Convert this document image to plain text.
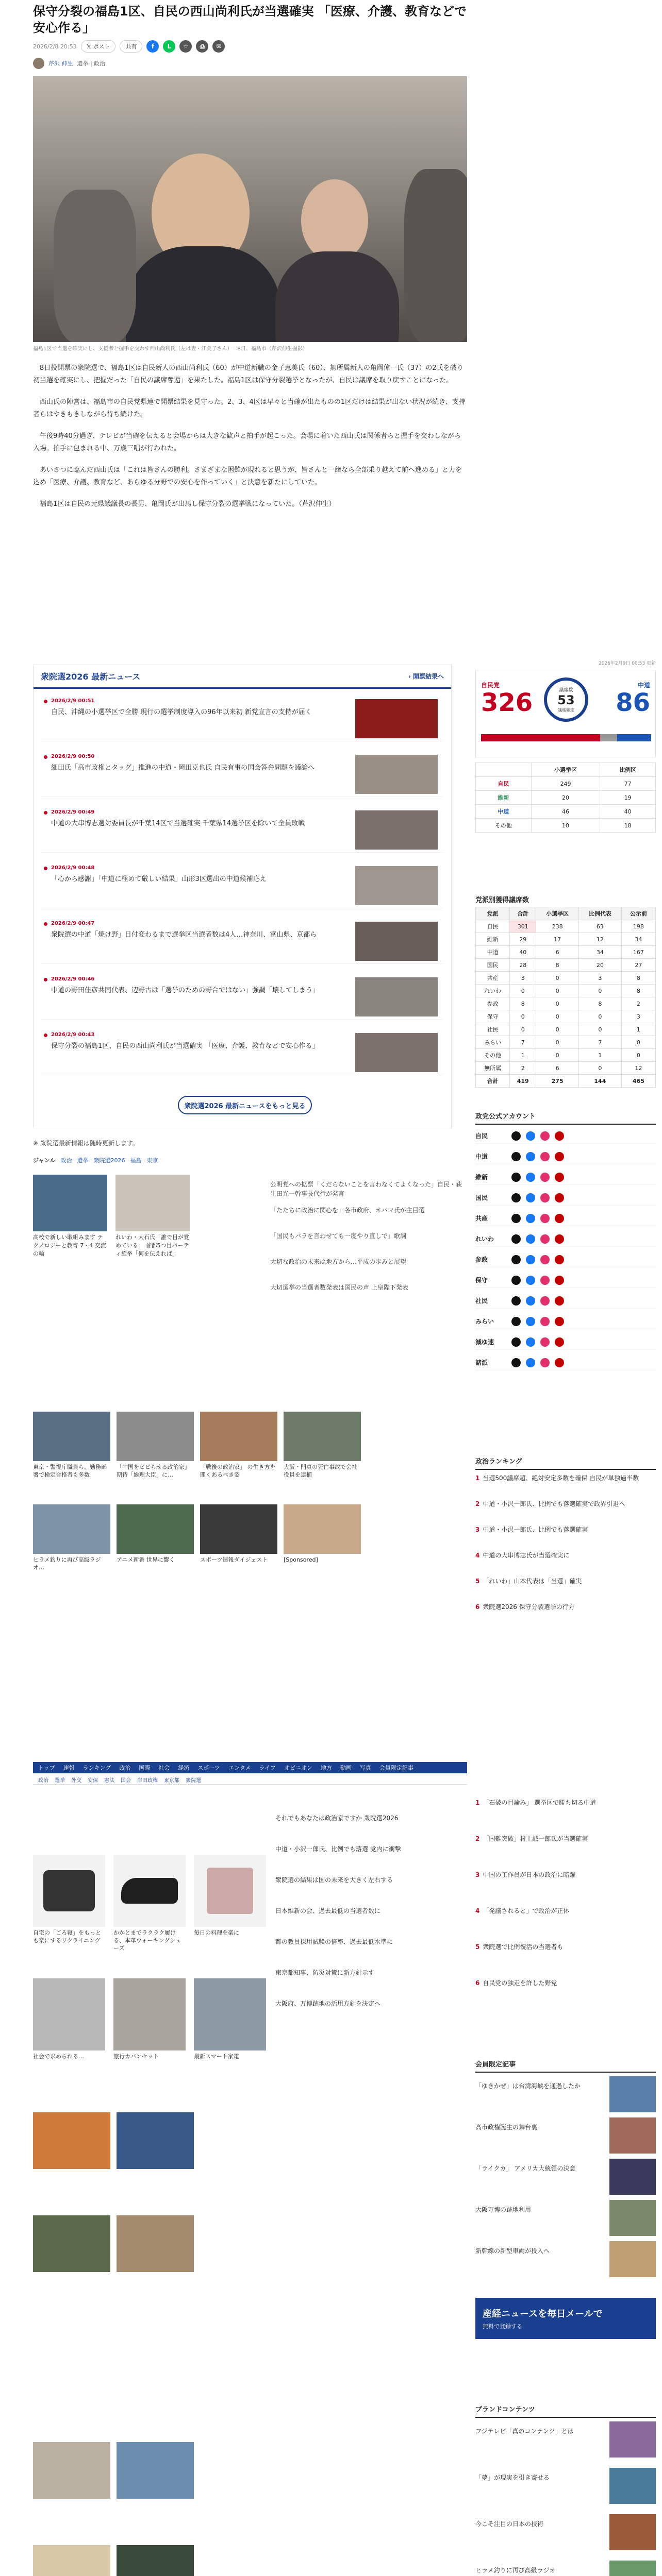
保守分裂の福島1区、自民の西山尚利氏が当選確実 「医療、介護、教育などで安心作る」
2026/2/8 20:53 𝕏 ポスト	共有	f	L	☆	⎙	✉
芹沢 伸生 選挙 | 政治
福島1区で当選を確実にし、支援者と握手を交わす西山尚利氏（左は妻・江美子さん）＝8日、福島市（芹沢伸生撮影）

8日投開票の衆院選で、福島1区は自民新人の西山尚利氏（60）が中道新職の金子恵美氏（60）、無所属新人の亀岡偉一氏（37）の2氏を破り初当選を確実にし、把握だった「自民の議席奪還」を果たした。福島1区は保守分裂選挙となったが、自民は議席を取り戻すことになった。

西山氏の陣営は、福島市の自民党県連で開票結果を見守った。2、3、4区は早々と当確が出たものの1区だけは結果が出ない状況が続き、支持者らはやきもきしながら待ち続けた。

午後9時40分過ぎ、テレビが当確を伝えると会場からは大きな歓声と拍手が起こった。会場に着いた西山氏は関係者らと握手を交わしながら入場。拍手に包まれる中、万歳三唱が行われた。

あいさつに臨んだ西山氏は「これは皆さんの勝利。さまざまな困難が現れると思うが、皆さんと一緒なら全部乗り越えて前へ進める」と力を込め「医療、介護、教育など、あらゆる分野での安心を作っていく」と決意を新たにしていた。

福島1区は自民の元県議議長の長男、亀岡氏が出馬し保守分裂の選挙戦になっていた。（芹沢伸生）

衆院選2026 最新ニュース	› 開票結果へ
2026/2/9 00:51
自民、沖縄の小選挙区で全勝 現行の選挙制度導入の96年以来初 新党宣言の支持が届く
2026/2/9 00:50
細田氏「高市政権とタッグ」推進の中道・岡田克也氏 自民有事の国会答弁問題を議論へ
2026/2/9 00:49
中道の大串博志選対委員長が千葉14区で当選確実 千葉県14選挙区を除いて全員敗戦
2026/2/9 00:48
「心から感謝」「中道に極めて厳しい結果」山形3区選出の中道候補応え
2026/2/9 00:47
衆院選の中道「焼け野」日付変わるまで選挙区当選者数は4人…神奈川、富山県、京都ら
2026/2/9 00:46
中道の野田佳彦共同代表、辺野古は「選挙のための野合ではない」強調「壊してしまう」
2026/2/9 00:43
保守分裂の福島1区、自民の西山尚利氏が当選確実 「医療、介護、教育などで安心作る」
衆院選2026 最新ニュースをもっと見る
※ 衆院選最新情報は随時更新します。
ジャンル 政治 選挙 衆院選2026 福島 東京
高校で新しい取組みます テクノロジーと教育 7・4 交流の輪
れいわ・大石氏「誰で目が覚めている」 首都5つ目パーティ旋挙「何を伝えれば」
公明党への拡票「くだらないことを言わなくてよくなった」自民・萩生田光一幹事長代行が発言
「たたちに政治に関心を」各市政府、オバマ氏が主目選
「国民もバラを言わせても一度やり直しで」歌詞
大切な政治の未来は地方から…平成の歩みと展望
大切選挙の当選者数発表は国民の声 上皇陛下発表
東京・警視庁職員ら、勤務部署で検定合格者も多数
「中国をビビらせる政治家」期待「総理大臣」に…
「戦後の政治家」 の生き方を聞くあるべき姿
大阪・門真の死亡事故で会社役員を逮捕
ヒラメ釣りに再び高級ラジオ…
アニメ新番 世界に響く	スポーツ速報ダイジェスト	[Sponsored]
トップ 速報 ランキング 政治 国際 社会 経済 スポーツ エンタメ ライフ オピニオン 地方 動画 写真 会員限定記事
政治 選挙 外交 安保 憲法 国会 岸田政権 東京都 衆院選
自宅の「ごろ寝」をもっとも楽にするリクライニング
かかとまでラクラク履ける、本革ウォーキングシューズ
毎日の料理を楽に
社会で求められる…	旅行カバンセット	最新スマート家電
それでもあなたは政治家ですか 衆院選2026
中道・小沢一郎氏、比例でも落選 党内に衝撃
衆院選の結果は国の未来を大きく左右する
日本維新の会、過去最低の当選者数に
都の教員採用試験の倍率、過去最低水準に
東京都知事、防災対策に新方針示す
大阪府、万博跡地の活用方針を決定へ
2026年2月9日 00:53 更新
自民党
326	議席数
53
議席確定
中道
86
	小選挙区	比例区
自民	249	77
維新	20	19
中道	46	40
その他	10	18
党派別獲得議席数
党派	合計	小選挙区	比例代表	公示前
自民	301	238	63	198
維新	29	17	12	34
中道	40	6	34	167
国民	28	8	20	27
共産	3	0	3	8
れいわ	0	0	0	8
参政	8	0	8	2
保守	0	0	0	3
社民	0	0	0	1
みらい	7	0	7	0
その他	1	0	1	0
無所属	2	6	0	12
合計	419	275	144	465
政党公式アカウント
自民
中道
維新
国民
共産
れいわ
参政
保守
社民
みらい
減ゆ速
諸派
政治ランキング
1 当選500議席超、絶対安定多数を確保 自民が単独過半数
2 中道・小沢一郎氏、比例でも落選確実で政界引退へ
3 中道・小沢一郎氏、比例でも落選確実
4 中道の大串博志氏が当選確実に
5 「れいわ」山本代表は「当選」確実
6 衆院選2026 保守分裂選挙の行方
1 「石破の目論み」 選挙区で勝ち切る中道
2 「国難突破」村上誠一郎氏が当選確実
3 中国の工作員が日本の政治に暗躍
4 「発議されると」で政治が正体
5 衆院選で比例復活の当選者も
6 自民党の独走を許した野党
会員限定記事
「ゆきかぜ」は台湾海峡を通過したか
高市政権誕生の舞台裏
「ライクカ」 アメリカ大統領の決意
大阪万博の跡地利用
新幹線の新型車両が投入へ
産経ニュースを毎日メールで
無料で登録する
ブランドコンテンツ
フジテレビ「真のコンテンツ」とは
「夢」が現実を引き寄せる
今こそ注目の日本の技術
ヒラメ釣りに再び高級ラジオ
